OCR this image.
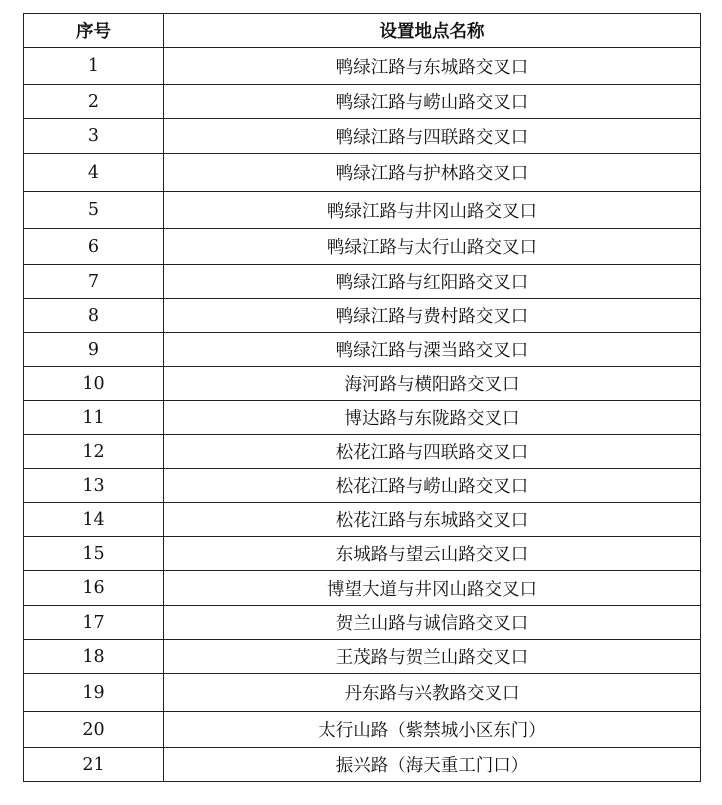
序号	设置地点名称
1	鸭绿江路与东城路交叉口
2	鸭绿江路与崂山路交叉口
3	鸭绿江路与四联路交叉口
4	鸭绿江路与护林路交叉口
5	鸭绿江路与井冈山路交叉口
6	鸭绿江路与太行山路交叉口
7	鸭绿江路与红阳路交叉口
8	鸭绿江路与费村路交叉口
9	鸭绿江路与溧当路交叉口
10	海河路与横阳路交叉口
11	博达路与东陇路交叉口
12	松花江路与四联路交叉口
13	松花江路与崂山路交叉口
14	松花江路与东城路交叉口
15	东城路与望云山路交叉口
16	博望大道与井冈山路交叉口
17	贺兰山路与诚信路交叉口
18	王茂路与贺兰山路交叉口
19	丹东路与兴教路交叉口
20	太行山路（紫禁城小区东门）
21	振兴路（海天重工门口）
